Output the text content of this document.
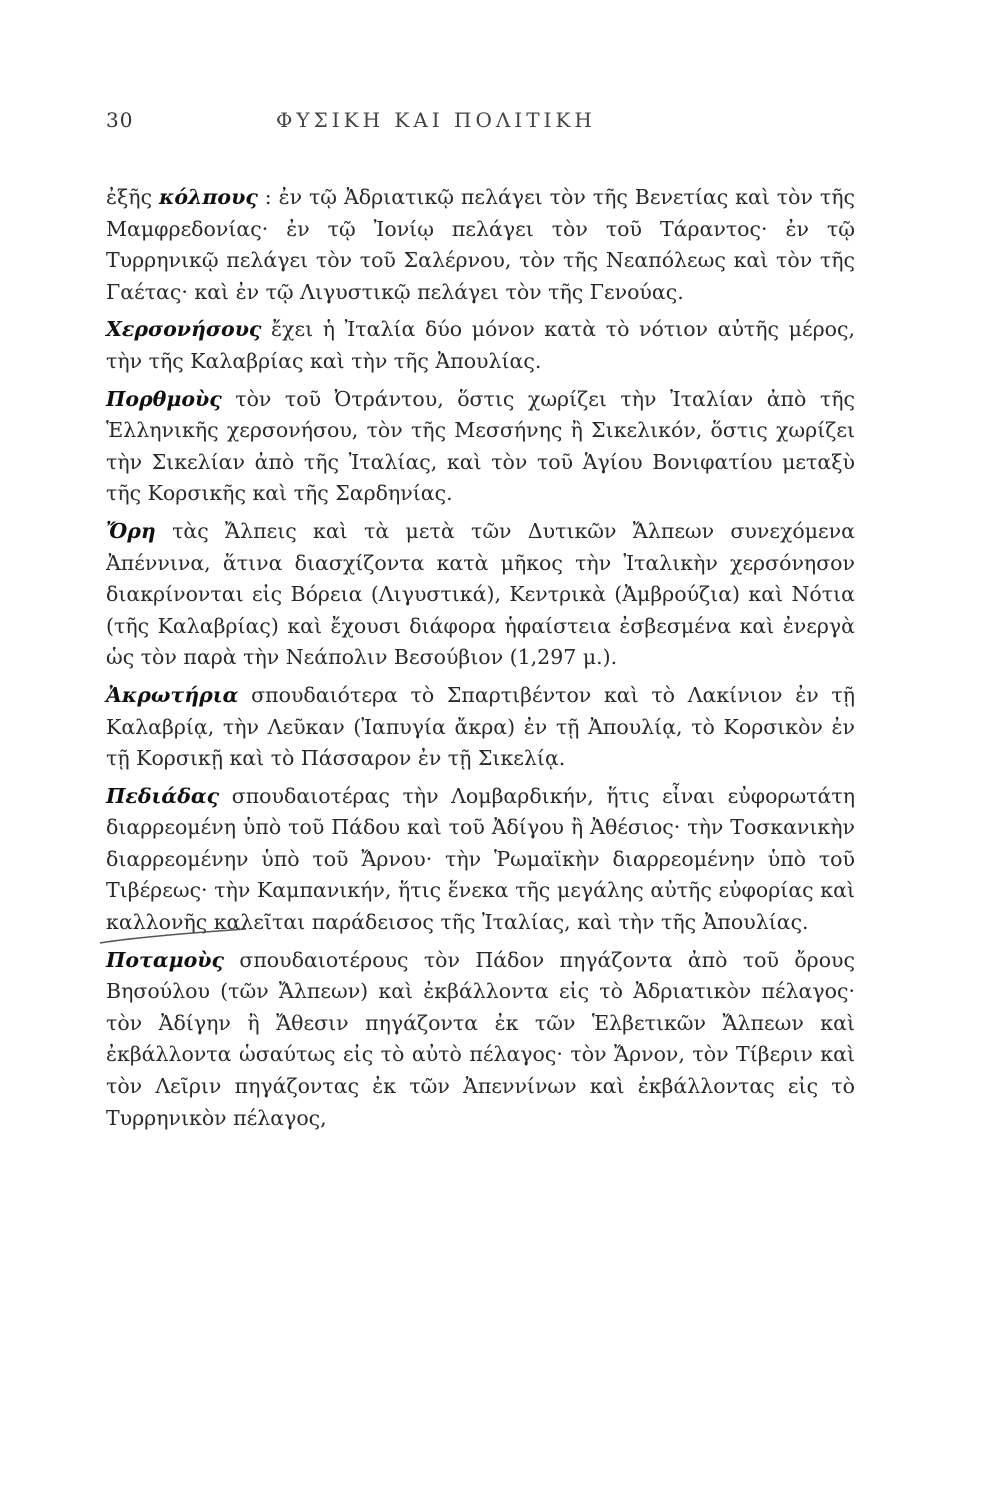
30	ΦΥΣΙΚΗ ΚΑΙ ΠΟΛΙΤΙΚΗ

ἐξῆς κόλπους : ἐν τῷ Ἀδριατικῷ πελάγει τὸν τῆς Βενετίας καὶ τὸν τῆς Μαμφρεδονίας· ἐν τῷ Ἰονίῳ πελάγει τὸν τοῦ Τάραντος· ἐν τῷ Τυρρηνικῷ πελάγει τὸν τοῦ Σαλέρνου, τὸν τῆς Νεαπόλεως καὶ τὸν τῆς Γαέτας· καὶ ἐν τῷ Λιγυστικῷ πελάγει τὸν τῆς Γενούας.

Χερσονήσους ἔχει ἡ Ἰταλία δύο μόνον κατὰ τὸ νότιον αὐτῆς μέρος, τὴν τῆς Καλαβρίας καὶ τὴν τῆς Ἀπουλίας.

Πορθμοὺς τὸν τοῦ Ὀτράντου, ὅστις χωρίζει τὴν Ἰταλίαν ἀπὸ τῆς Ἑλληνικῆς χερσονήσου, τὸν τῆς Μεσσήνης ἢ Σικελικόν, ὅστις χωρίζει τὴν Σικελίαν ἀπὸ τῆς Ἰταλίας, καὶ τὸν τοῦ Ἁγίου Βονιφατίου μεταξὺ τῆς Κορσικῆς καὶ τῆς Σαρδηνίας.

Ὄρη τὰς Ἄλπεις καὶ τὰ μετὰ τῶν Δυτικῶν Ἄλπεων συνεχόμενα Ἀπέννινα, ἅτινα διασχίζοντα κατὰ μῆκος τὴν Ἰταλικὴν χερσόνησον διακρίνονται εἰς Βόρεια (Λιγυστικά), Κεντρικὰ (Ἀμβρούζια) καὶ Νότια (τῆς Καλαβρίας) καὶ ἔχουσι διάφορα ἡφαίστεια ἐσβεσμένα καὶ ἐνεργὰ ὡς τὸν παρὰ τὴν Νεάπολιν Βεσούβιον (1,297 μ.).

Ἀκρωτήρια σπουδαιότερα τὸ Σπαρτιβέντον καὶ τὸ Λακίνιον ἐν τῇ Καλαβρίᾳ, τὴν Λεῦκαν (Ἰαπυγία ἄκρα) ἐν τῇ Ἀπουλίᾳ, τὸ Κορσικὸν ἐν τῇ Κορσικῇ καὶ τὸ Πάσσαρον ἐν τῇ Σικελίᾳ.

Πεδιάδας σπουδαιοτέρας τὴν Λομβαρδικήν, ἥτις εἶναι εὐφορωτάτη διαρρεομένη ὑπὸ τοῦ Πάδου καὶ τοῦ Ἀδίγου ἢ Ἀθέσιος· τὴν Τοσκανικὴν διαρρεομένην ὑπὸ τοῦ Ἄρνου· τὴν Ῥωμαϊκὴν διαρρεομένην ὑπὸ τοῦ Τιβέρεως· τὴν Καμπανικήν, ἥτις ἕνεκα τῆς μεγάλης αὐτῆς εὐφορίας καὶ καλλονῆς καλεῖται παράδεισος τῆς Ἰταλίας, καὶ τὴν τῆς Ἀπουλίας.

Ποταμοὺς σπουδαιοτέρους τὸν Πάδον πηγάζοντα ἀπὸ τοῦ ὄρους Βησούλου (τῶν Ἄλπεων) καὶ ἐκβάλλοντα εἰς τὸ Ἀδριατικὸν πέλαγος· τὸν Ἀδίγην ἢ Ἄθεσιν πηγάζοντα ἐκ τῶν Ἑλβετικῶν Ἄλπεων καὶ ἐκβάλλοντα ὡσαύτως εἰς τὸ αὐτὸ πέλαγος· τὸν Ἄρνον, τὸν Τίβεριν καὶ τὸν Λεῖριν πηγάζοντας ἐκ τῶν Ἀπεννίνων καὶ ἐκβάλλοντας εἰς τὸ Τυρρηνικὸν πέλαγος,
